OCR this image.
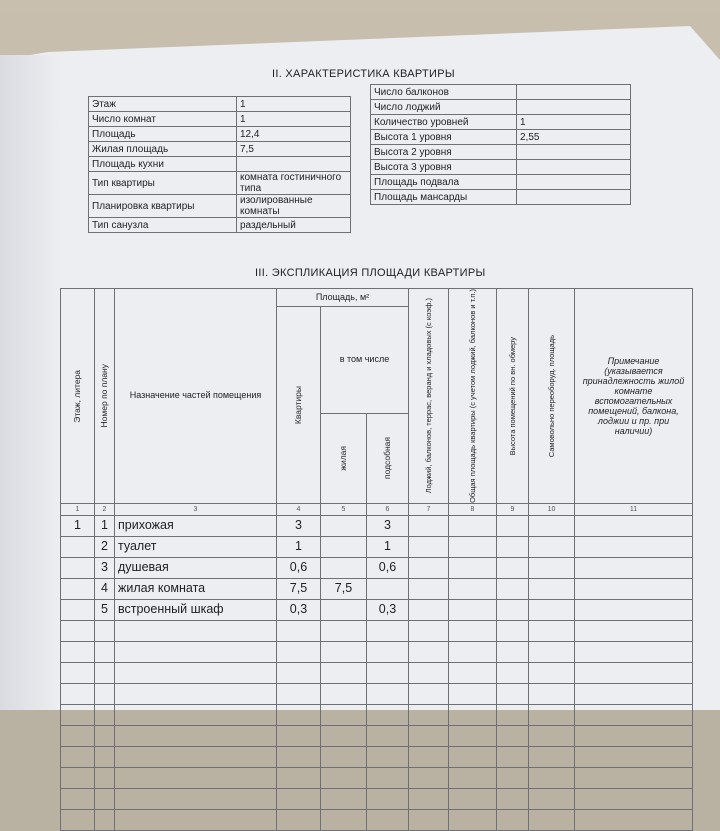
II. ХАРАКТЕРИСТИКА КВАРТИРЫ
Этаж	1
Число комнат	1
Площадь	12,4
Жилая площадь	7,5
Площадь кухни	
Тип квартиры	комната гостиничного типа
Планировка квартиры	изолированные комнаты
Тип санузла	раздельный
Число балконов	
Число лоджий	
Количество уровней	1
Высота 1 уровня	2,55
Высота 2 уровня	
Высота 3 уровня	
Площадь подвала	
Площадь мансарды	
III. ЭКСПЛИКАЦИЯ ПЛОЩАДИ КВАРТИРЫ
Этаж, литера	Номер по плану	Назначение частей помещения	Площадь, м²			Лоджий, балконов, террас, веранд и хладовых (с коэф.)	Общая площадь квартиры (с учетом лоджий, балконов и т.п.)	Высота помещений по вн. обмеру	Самовольно переоборуд. площадь	Примечание (указывается принадлежность жилой комнате вспомогательных помещений, балкона, лоджии и пр. при наличии)

			Квартиры	в том числе						

				жилая	подсобная					

1	2	3	4	5	6	7	8	9	10	11
1	1	прихожая	3		3					
	2	туалет	1		1					
	3	душевая	0,6		0,6					
	4	жилая комната	7,5	7,5						
	5	встроенный шкаф	0,3		0,3					
